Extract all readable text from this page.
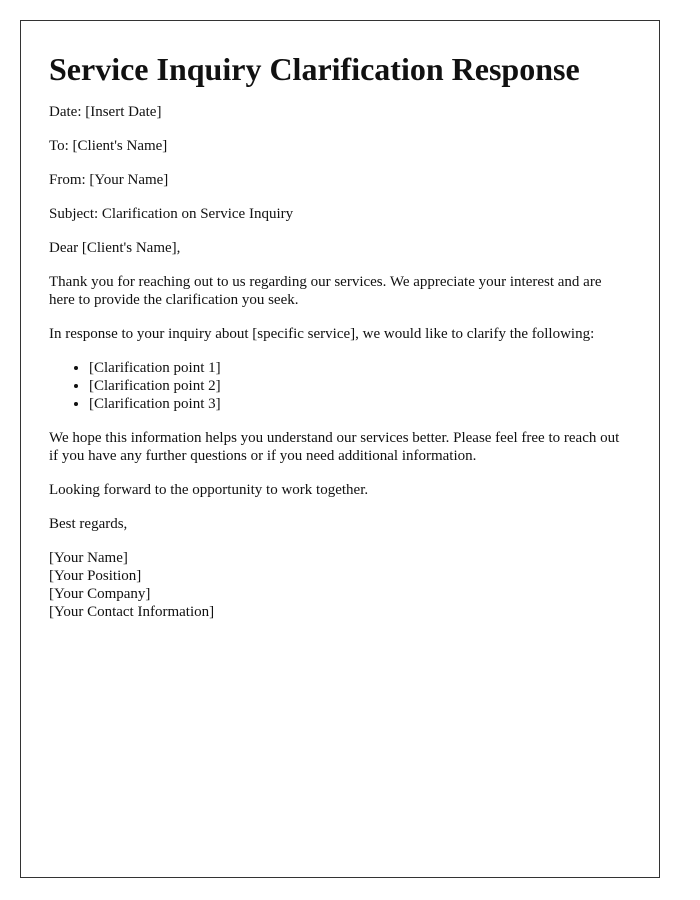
Service Inquiry Clarification Response

Date: [Insert Date]

To: [Client's Name]

From: [Your Name]

Subject: Clarification on Service Inquiry

Dear [Client's Name],

Thank you for reaching out to us regarding our services. We appreciate your interest and are here to provide the clarification you seek.

In response to your inquiry about [specific service], we would like to clarify the following:

• [Clarification point 1]
• [Clarification point 2]
• [Clarification point 3]

We hope this information helps you understand our services better. Please feel free to reach out if you have any further questions or if you need additional information.

Looking forward to the opportunity to work together.

Best regards,

[Your Name]
[Your Position]
[Your Company]
[Your Contact Information]
